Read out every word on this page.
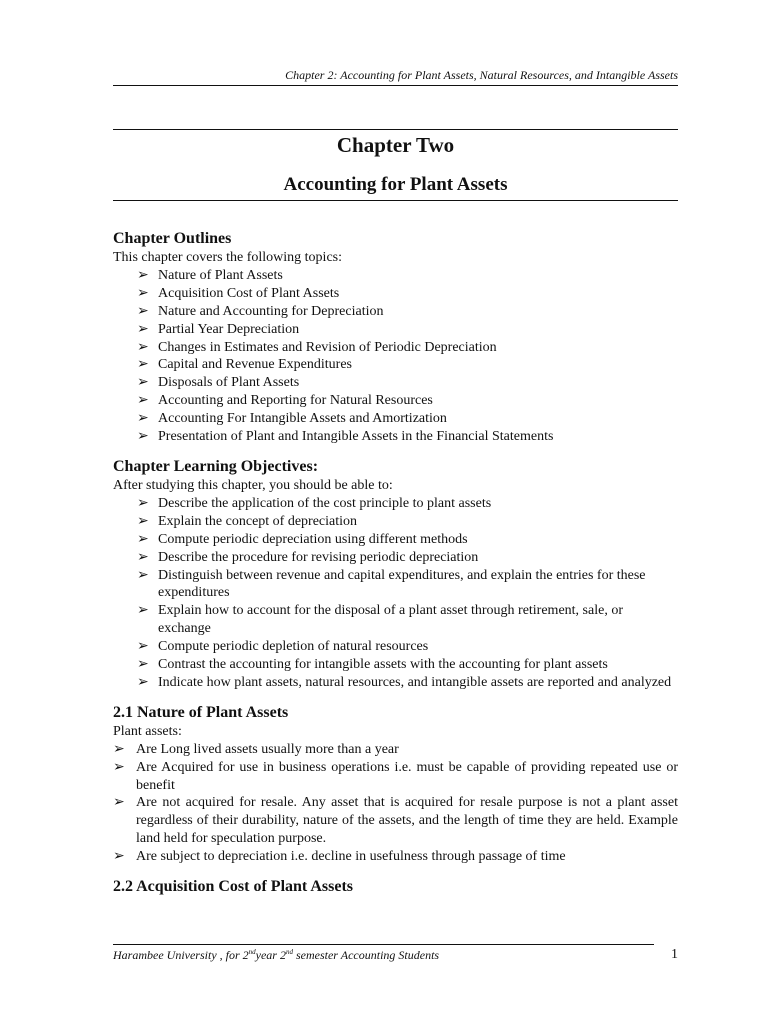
Chapter 2: Accounting for Plant Assets, Natural Resources, and Intangible Assets
Chapter Two
Accounting for Plant Assets
Chapter Outlines

This chapter covers the following topics:

➢ Nature of Plant Assets
➢ Acquisition Cost of Plant Assets
➢ Nature and Accounting for Depreciation
➢ Partial Year Depreciation
➢ Changes in Estimates and Revision of Periodic Depreciation
➢ Capital and Revenue Expenditures
➢ Disposals of Plant Assets
➢ Accounting and Reporting for Natural Resources
➢ Accounting For Intangible Assets and Amortization
➢ Presentation of Plant and Intangible Assets in the Financial Statements
Chapter Learning Objectives:

After studying this chapter, you should be able to:

➢ Describe the application of the cost principle to plant assets
➢ Explain the concept of depreciation
➢ Compute periodic depreciation using different methods
➢ Describe the procedure for revising periodic depreciation
➢ Distinguish between revenue and capital expenditures, and explain the entries for these expenditures
➢ Explain how to account for the disposal of a plant asset through retirement, sale, or exchange
➢ Compute periodic depletion of natural resources
➢ Contrast the accounting for intangible assets with the accounting for plant assets
➢ Indicate how plant assets, natural resources, and intangible assets are reported and analyzed
2.1 Nature of Plant Assets

Plant assets:

➢ Are Long lived assets usually more than a year
➢ Are Acquired for use in business operations i.e. must be capable of providing repeated use or benefit
➢ Are not acquired for resale. Any asset that is acquired for resale purpose is not a plant asset regardless of their durability, nature of the assets, and the length of time they are held. Example land held for speculation purpose.
➢ Are subject to depreciation i.e. decline in usefulness through passage of time
2.2 Acquisition Cost of Plant Assets
Harambee University , for 2ndyear 2nd semester Accounting Students	1
